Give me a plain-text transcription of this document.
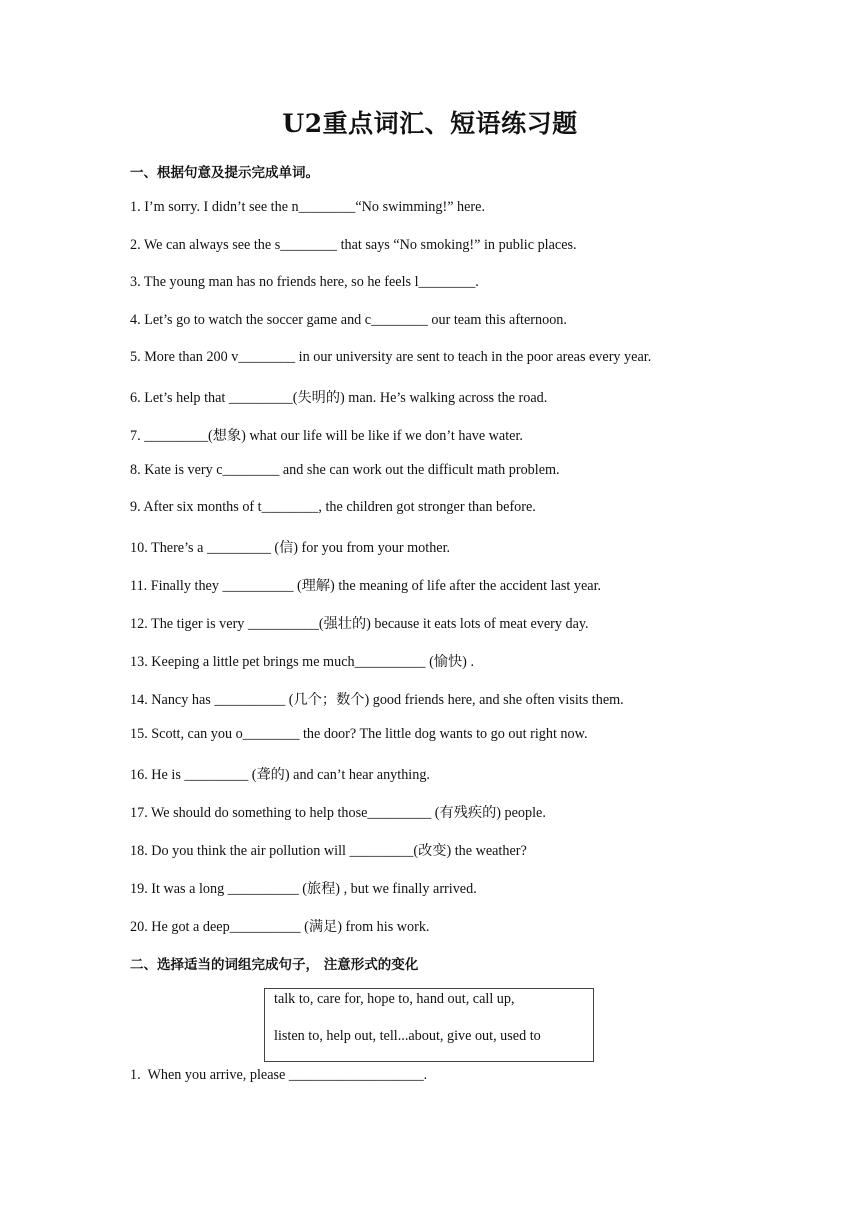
U2重点词汇、短语练习题
一、根据句意及提示完成单词。
1. I’m sorry. I didn’t see the n________“No swimming!” here.
2. We can always see the s________ that says “No smoking!” in public places.
3. The young man has no friends here, so he feels l________.
4. Let’s go to watch the soccer game and c________ our team this afternoon.
5. More than 200 v________ in our university are sent to teach in the poor areas every year.
6. Let’s help that _________(失明的) man. He’s walking across the road.
7. _________(想象) what our life will be like if we don’t have water.
8. Kate is very c________ and she can work out the difficult math problem.
9. After six months of t________, the children got stronger than before.
10. There’s a _________ (信) for you from your mother.
11. Finally they __________ (理解) the meaning of life after the accident last year.
12. The tiger is very __________(强壮的) because it eats lots of meat every day.
13. Keeping a little pet brings me much__________ (愉快) .
14. Nancy has __________ (几个；数个) good friends here, and she often visits them.
15. Scott, can you o________ the door? The little dog wants to go out right now.
16. He is _________ (聋的) and can’t hear anything.
17. We should do something to help those_________ (有残疾的) people.
18. Do you think the air pollution will _________(改变) the weather?
19. It was a long __________ (旅程) , but we finally arrived.
20. He got a deep__________ (满足) from his work.
二、选择适当的词组完成句子， 注意形式的变化
talk to, care for, hope to, hand out, call up,
listen to, help out, tell...about, give out, used to
1.  When you arrive, please ___________________.
